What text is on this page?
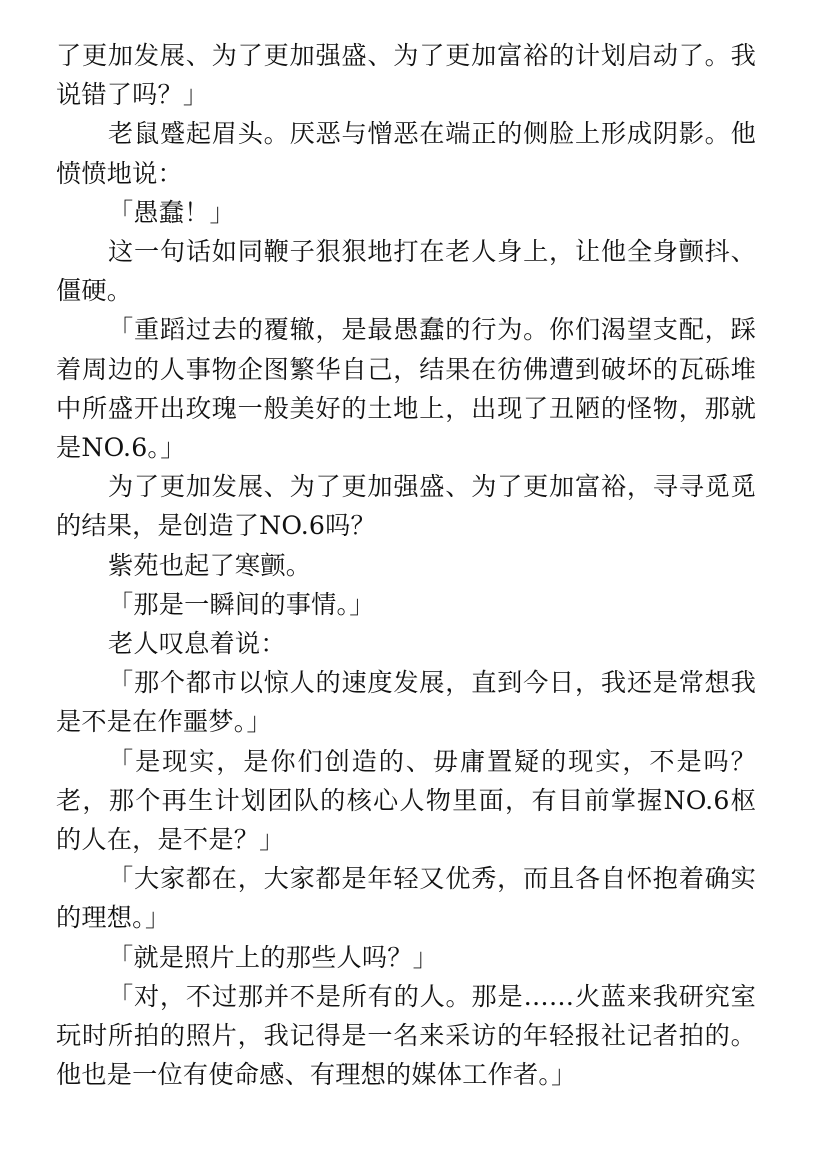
了更加发展、为了更加强盛、为了更加富裕的计划启动了。我说错了吗？」

老鼠蹙起眉头。厌恶与憎恶在端正的侧脸上形成阴影。他愤愤地说：

「愚蠢！」

这一句话如同鞭子狠狠地打在老人身上，让他全身颤抖、僵硬。

「重蹈过去的覆辙，是最愚蠢的行为。你们渴望支配，踩着周边的人事物企图繁华自己，结果在彷佛遭到破坏的瓦砾堆中所盛开出玫瑰一般美好的土地上，出现了丑陋的怪物，那就是NO.6。」

为了更加发展、为了更加强盛、为了更加富裕，寻寻觅觅的结果，是创造了NO.6吗？

紫苑也起了寒颤。

「那是一瞬间的事情。」

老人叹息着说：

「那个都市以惊人的速度发展，直到今日，我还是常想我是不是在作噩梦。」

「是现实，是你们创造的、毋庸置疑的现实，不是吗？老，那个再生计划团队的核心人物里面，有目前掌握NO.6枢的人在，是不是？」

「大家都在，大家都是年轻又优秀，而且各自怀抱着确实的理想。」

「就是照片上的那些人吗？」

「对，不过那并不是所有的人。那是……火蓝来我研究室玩时所拍的照片，我记得是一名来采访的年轻报社记者拍的。他也是一位有使命感、有理想的媒体工作者。」
